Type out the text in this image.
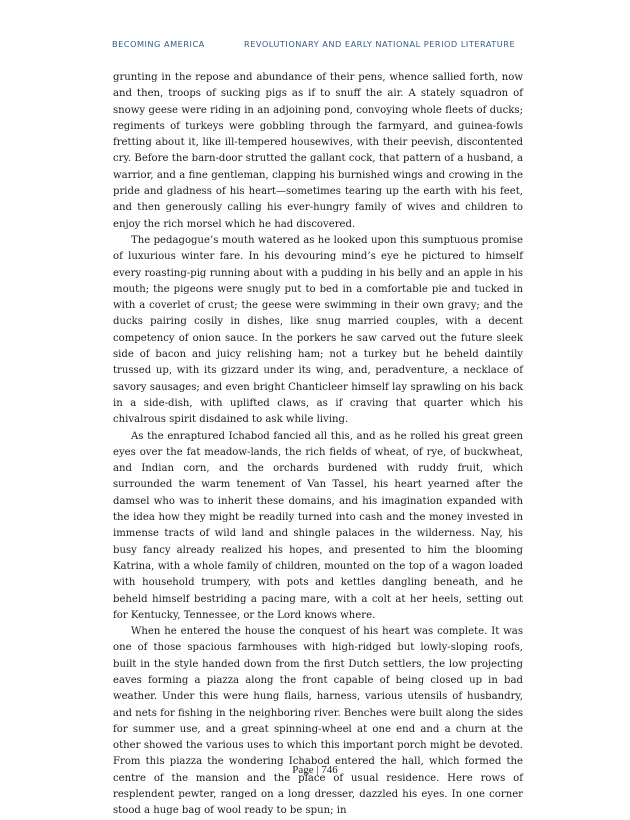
BECOMING AMERICA	REVOLUTIONARY AND EARLY NATIONAL PERIOD LITERATURE

grunting in the repose and abundance of their pens, whence sallied forth, now and then, troops of sucking pigs as if to snuff the air. A stately squadron of snowy geese were riding in an adjoining pond, convoying whole fleets of ducks; regiments of turkeys were gobbling through the farmyard, and guinea-fowls fretting about it, like ill-tempered housewives, with their peevish, discontented cry. Before the barn-door strutted the gallant cock, that pattern of a husband, a warrior, and a fine gentleman, clapping his burnished wings and crowing in the pride and gladness of his heart—sometimes tearing up the earth with his feet, and then generously calling his ever-hungry family of wives and children to enjoy the rich morsel which he had discovered.

The pedagogue’s mouth watered as he looked upon this sumptuous promise of luxurious winter fare. In his devouring mind’s eye he pictured to himself every roasting-pig running about with a pudding in his belly and an apple in his mouth; the pigeons were snugly put to bed in a comfortable pie and tucked in with a coverlet of crust; the geese were swimming in their own gravy; and the ducks pairing cosily in dishes, like snug married couples, with a decent competency of onion sauce. In the porkers he saw carved out the future sleek side of bacon and juicy relishing ham; not a turkey but he beheld daintily trussed up, with its gizzard under its wing, and, peradventure, a necklace of savory sausages; and even bright Chanticleer himself lay sprawling on his back in a side-dish, with uplifted claws, as if craving that quarter which his chivalrous spirit disdained to ask while living.

As the enraptured Ichabod fancied all this, and as he rolled his great green eyes over the fat meadow-lands, the rich fields of wheat, of rye, of buckwheat, and Indian corn, and the orchards burdened with ruddy fruit, which surrounded the warm tenement of Van Tassel, his heart yearned after the damsel who was to inherit these domains, and his imagination expanded with the idea how they might be readily turned into cash and the money invested in immense tracts of wild land and shingle palaces in the wilderness. Nay, his busy fancy already realized his hopes, and presented to him the blooming Katrina, with a whole family of children, mounted on the top of a wagon loaded with household trumpery, with pots and kettles dangling beneath, and he beheld himself bestriding a pacing mare, with a colt at her heels, setting out for Kentucky, Tennessee, or the Lord knows where.

When he entered the house the conquest of his heart was complete. It was one of those spacious farmhouses with high-ridged but lowly-sloping roofs, built in the style handed down from the first Dutch settlers, the low projecting eaves forming a piazza along the front capable of being closed up in bad weather. Under this were hung flails, harness, various utensils of husbandry, and nets for fishing in the neighboring river. Benches were built along the sides for summer use, and a great spinning-wheel at one end and a churn at the other showed the various uses to which this important porch might be devoted. From this piazza the wondering Ichabod entered the hall, which formed the centre of the mansion and the place of usual residence. Here rows of resplendent pewter, ranged on a long dresser, dazzled his eyes. In one corner stood a huge bag of wool ready to be spun; in

Page | 746
